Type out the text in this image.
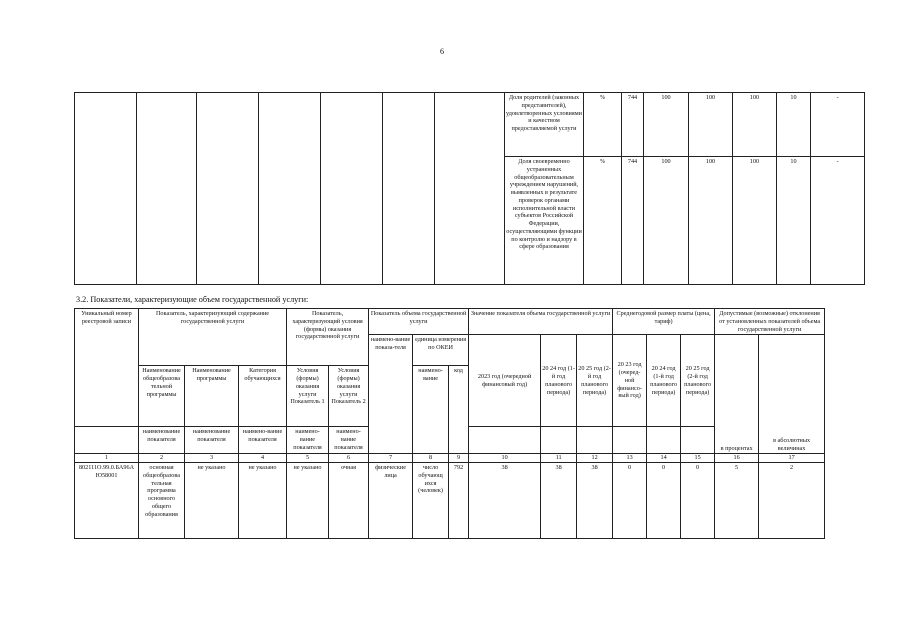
6
							Доля родителей (законных представителей), удовлетворенных условиями и качеством предоставляемой услуги	%	744	100	100	100	10	-
							Доля своевременно устраненных общеобразовательным учреждением нарушений, выявленных в результате проверок органами исполнительной власти субъектов Российской Федерации, осуществляющими функции по контролю и надзору в сфере образования	%	744	100	100	100	10	-
3.2. Показатели, характеризующие объем государственной услуги:
Уникальный номер реестровой записи	Показатель, характеризующий содержание государственной услуги			Показатель, характеризующий условия (формы) оказания государственной услуги		Показатель объема государственной услуги			Значение показателя объема государственной услуги			Среднегодовой размер платы (цена, тариф)			Допустимые (возможные) отклонения от установленных показателей объема государственной услуги	
						наимено-вание показа-теля	единица измерения по ОКЕИ		2023 год (очередной финансовый год)	20 24 год (1-й год планового периода)	20 25 год (2-й год планового периода)	20 23 год (очеред-ной финансо-вый год)	20 24 год (1-й год планового периода)	20 25 год (2-й год планового периода)	в процентах	в абсолютных величинах
	Наименование общеобразова тельной программы	Наименование программы	Категория обучающихся	Условия (формы) оказания услуги Показатель 1	Условия (формы) оказания услуги Показатель 2		наимено-вание	код								
	наименование показателя	наименование показателя	наимено-вание показателя	наимено-вание показателя	наимено-вание показателя											
1	2	3	4	5	6	7	8	9	10	11	12	13	14	15	16	17
802111О.99.0.БА96АЮ58001	основная общеобразова тельная программа основного общего образования	не указано	не указано	не указано	очная	физические лица	число обучающ ихся (человек)	792	38	38	38	0	0	0	5	2
